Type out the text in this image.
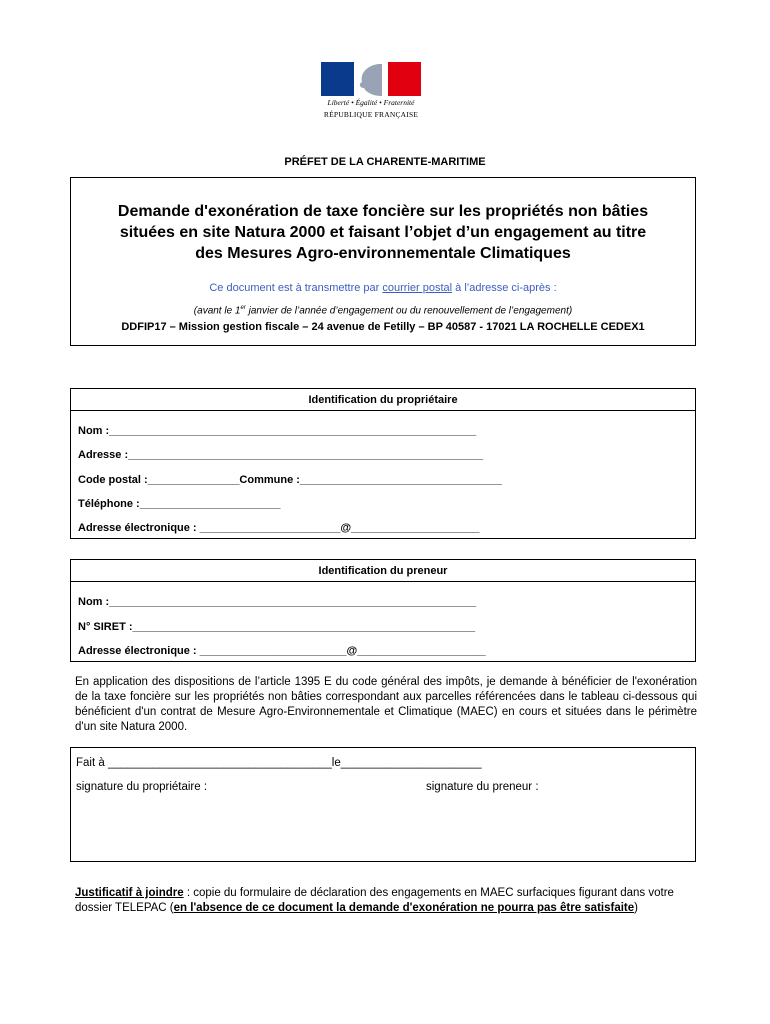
Liberté • Égalité • Fraternité
RÉPUBLIQUE FRANÇAISE
PRÉFET DE LA CHARENTE-MARITIME
Demande d'exonération de taxe foncière sur les propriétés non bâties
situées en site Natura 2000 et faisant l’objet d’un engagement au titre
des Mesures Agro-environnementale Climatiques
Ce document est à transmettre par courrier postal à l’adresse ci-après :
(avant le 1er janvier de l’année d’engagement ou du renouvellement de l’engagement)
DDFIP17 – Mission gestion fiscale – 24 avenue de Fetilly – BP 40587 - 17021 LA ROCHELLE CEDEX1
Identification du propriétaire
Nom :____________________________________________________________
Adresse :__________________________________________________________
Code postal :_______________Commune :_________________________________
Téléphone :_______________________
Adresse électronique : _______________________@_____________________
Identification du preneur
Nom :____________________________________________________________
N° SIRET :________________________________________________________
Adresse électronique : ________________________@_____________________
En application des dispositions de l’article 1395 E du code général des impôts, je demande à bénéficier de l'exonération de la taxe foncière sur les propriétés non bâties correspondant aux parcelles référencées dans le tableau ci-dessous qui bénéficient d'un contrat de Mesure Agro-Environnementale et Climatique (MAEC) en cours et situées dans le périmètre d'un site Natura 2000.
Fait à ___________________________________le______________________
signature du propriétaire :	signature du preneur :
Justificatif à joindre : copie du formulaire de déclaration des engagements en MAEC surfaciques figurant dans votre dossier TELEPAC (en l'absence de ce document la demande d'exonération ne pourra pas être satisfaite)
